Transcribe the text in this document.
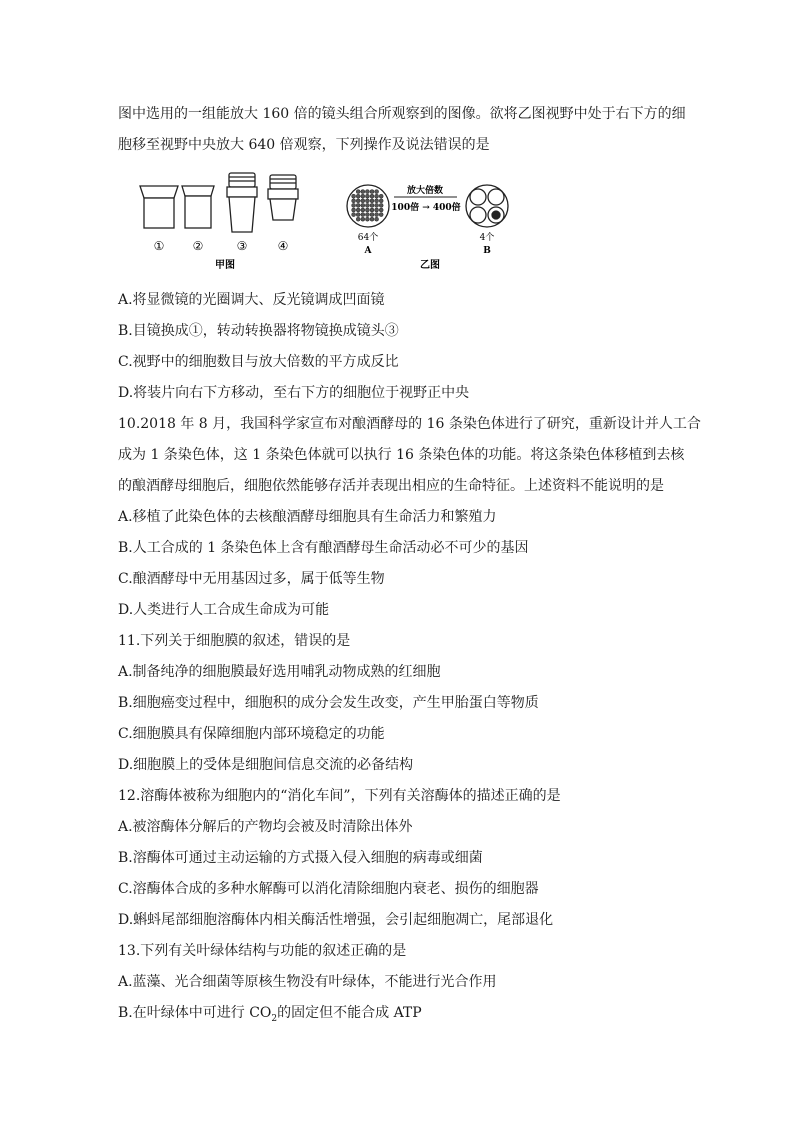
图中选用的一组能放大 160 倍的镜头组合所观察到的图像。欲将乙图视野中处于右下方的细
胞移至视野中央放大 640 倍观察，下列操作及说法错误的是
① ②	③	④
甲图
64个
A
放大倍数
100倍 → 400倍
4个
B
乙图
A.将显微镜的光圈调大、反光镜调成凹面镜
B.目镜换成①，转动转换器将物镜换成镜头③
C.视野中的细胞数目与放大倍数的平方成反比
D.将装片向右下方移动，至右下方的细胞位于视野正中央
10.2018 年 8 月，我国科学家宣布对酿酒酵母的 16 条染色体进行了研究，重新设计并人工合
成为 1 条染色体，这 1 条染色体就可以执行 16 条染色体的功能。将这条染色体移植到去核
的酿酒酵母细胞后，细胞依然能够存活并表现出相应的生命特征。上述资料不能说明的是
A.移植了此染色体的去核酿酒酵母细胞具有生命活力和繁殖力
B.人工合成的 1 条染色体上含有酿酒酵母生命活动必不可少的基因
C.酿酒酵母中无用基因过多，属于低等生物
D.人类进行人工合成生命成为可能
11.下列关于细胞膜的叙述，错误的是
A.制备纯净的细胞膜最好选用哺乳动物成熟的红细胞
B.细胞癌变过程中，细胞积的成分会发生改变，产生甲胎蛋白等物质
C.细胞膜具有保障细胞内部环境稳定的功能
D.细胞膜上的受体是细胞间信息交流的必备结构
12.溶酶体被称为细胞内的“消化车间”，下列有关溶酶体的描述正确的是
A.被溶酶体分解后的产物均会被及时清除出体外
B.溶酶体可通过主动运输的方式摄入侵入细胞的病毒或细菌
C.溶酶体合成的多种水解酶可以消化清除细胞内衰老、损伤的细胞器
D.蝌蚪尾部细胞溶酶体内相关酶活性增强，会引起细胞凋亡，尾部退化
13.下列有关叶绿体结构与功能的叙述正确的是
A.蓝藻、光合细菌等原核生物没有叶绿体，不能进行光合作用
B.在叶绿体中可进行 $CO_2$的固定但不能合成 ATP
